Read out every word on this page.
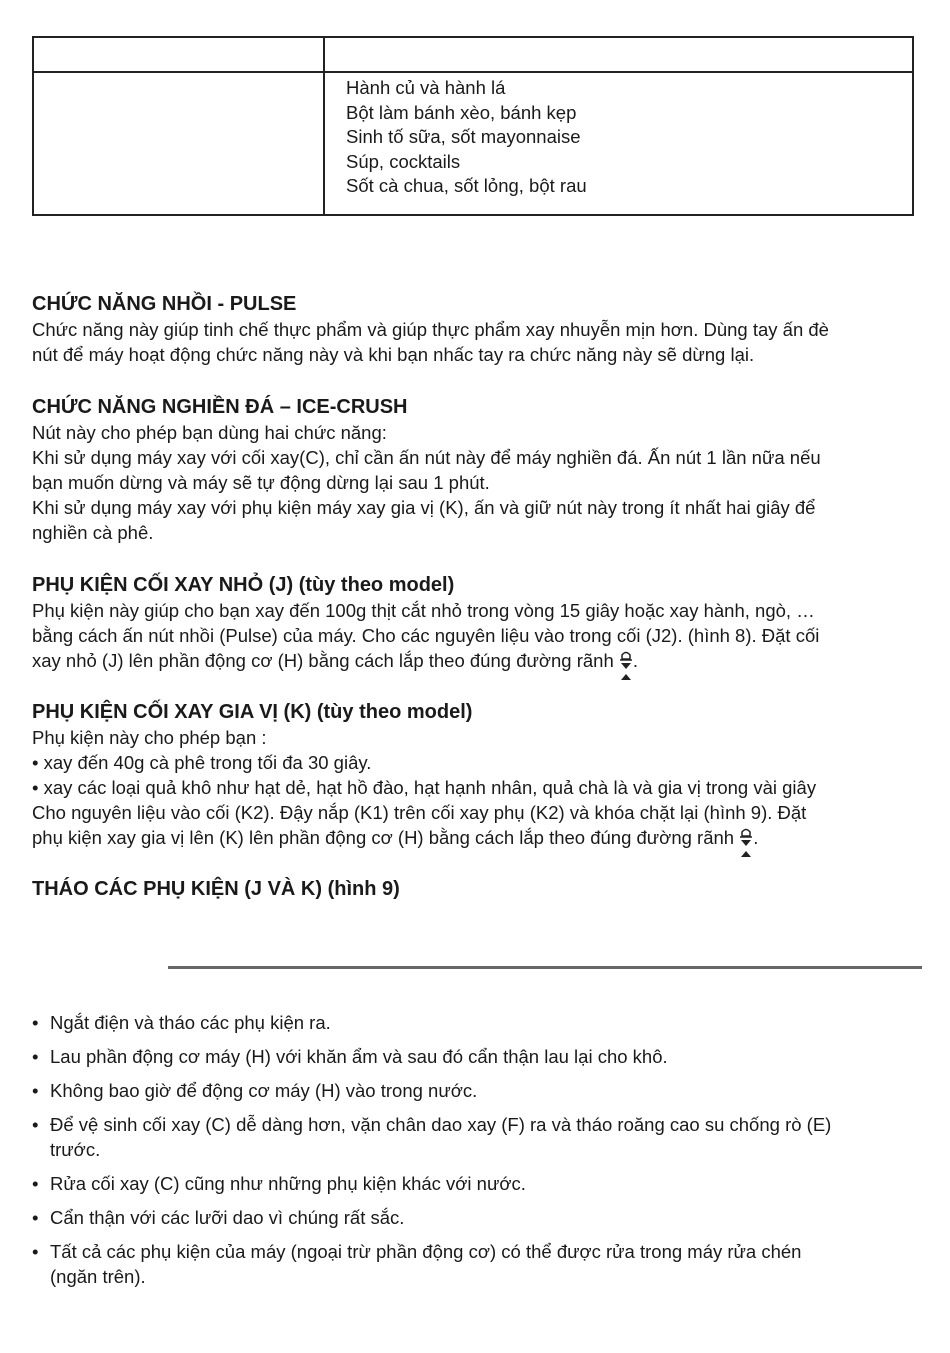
Hành củ và hành lá
Bột làm bánh xèo, bánh kẹp
Sinh tố sữa, sốt mayonnaise
Súp, cocktails
Sốt cà chua, sốt lỏng, bột rau

CHỨC NĂNG NHỒI - PULSE

Chức năng này giúp tinh chế thực phẩm và giúp thực phẩm xay nhuyễn mịn hơn. Dùng tay ấn đè

nút để máy hoạt động chức năng này và khi bạn nhấc tay ra chức năng này sẽ dừng lại.

CHỨC NĂNG NGHIỀN ĐÁ – ICE-CRUSH

Nút này cho phép bạn dùng hai chức năng:

Khi sử dụng máy xay với cối xay(C), chỉ cần ấn nút này để máy nghiền đá. Ấn nút 1 lần nữa nếu

bạn muốn dừng và máy sẽ tự động dừng lại sau 1 phút.

Khi sử dụng máy xay với phụ kiện máy xay gia vị (K), ấn và giữ nút này trong ít nhất hai giây để

nghiền cà phê.

PHỤ KIỆN CỐI XAY NHỎ (J) (tùy theo model)

Phụ kiện này giúp cho bạn xay đến 100g thịt cắt nhỏ trong vòng 15 giây hoặc xay hành, ngò, …

bằng cách ấn nút nhồi (Pulse) của máy. Cho các nguyên liệu vào trong cối (J2). (hình 8). Đặt cối

xay nhỏ (J) lên phần động cơ (H) bằng cách lắp theo đúng đường rãnh .

PHỤ KIỆN CỐI XAY GIA VỊ (K) (tùy theo model)

Phụ kiện này cho phép bạn :

• xay đến 40g cà phê trong tối đa 30 giây.

• xay các loại quả khô như hạt dẻ, hạt hồ đào, hạt hạnh nhân, quả chà là và gia vị trong vài giây

Cho nguyên liệu vào cối (K2). Đậy nắp (K1) trên cối xay phụ (K2) và khóa chặt lại (hình 9). Đặt

phụ kiện xay gia vị lên (K) lên phần động cơ (H) bằng cách lắp theo đúng đường rãnh .

THÁO CÁC PHỤ KIỆN (J VÀ K) (hình 9)

• Ngắt điện và tháo các phụ kiện ra.
• Lau phần động cơ máy (H) với khăn ẩm và sau đó cẩn thận lau lại cho khô.
• Không bao giờ để động cơ máy (H) vào trong nước.
• Để vệ sinh cối xay (C) dễ dàng hơn, vặn chân dao xay (F) ra và tháo roăng cao su chống rò (E)
trước.
• Rửa cối xay (C) cũng như những phụ kiện khác với nước.
• Cẩn thận với các lưỡi dao vì chúng rất sắc.
• Tất cả các phụ kiện của máy (ngoại trừ phần động cơ) có thể được rửa trong máy rửa chén
(ngăn trên).
